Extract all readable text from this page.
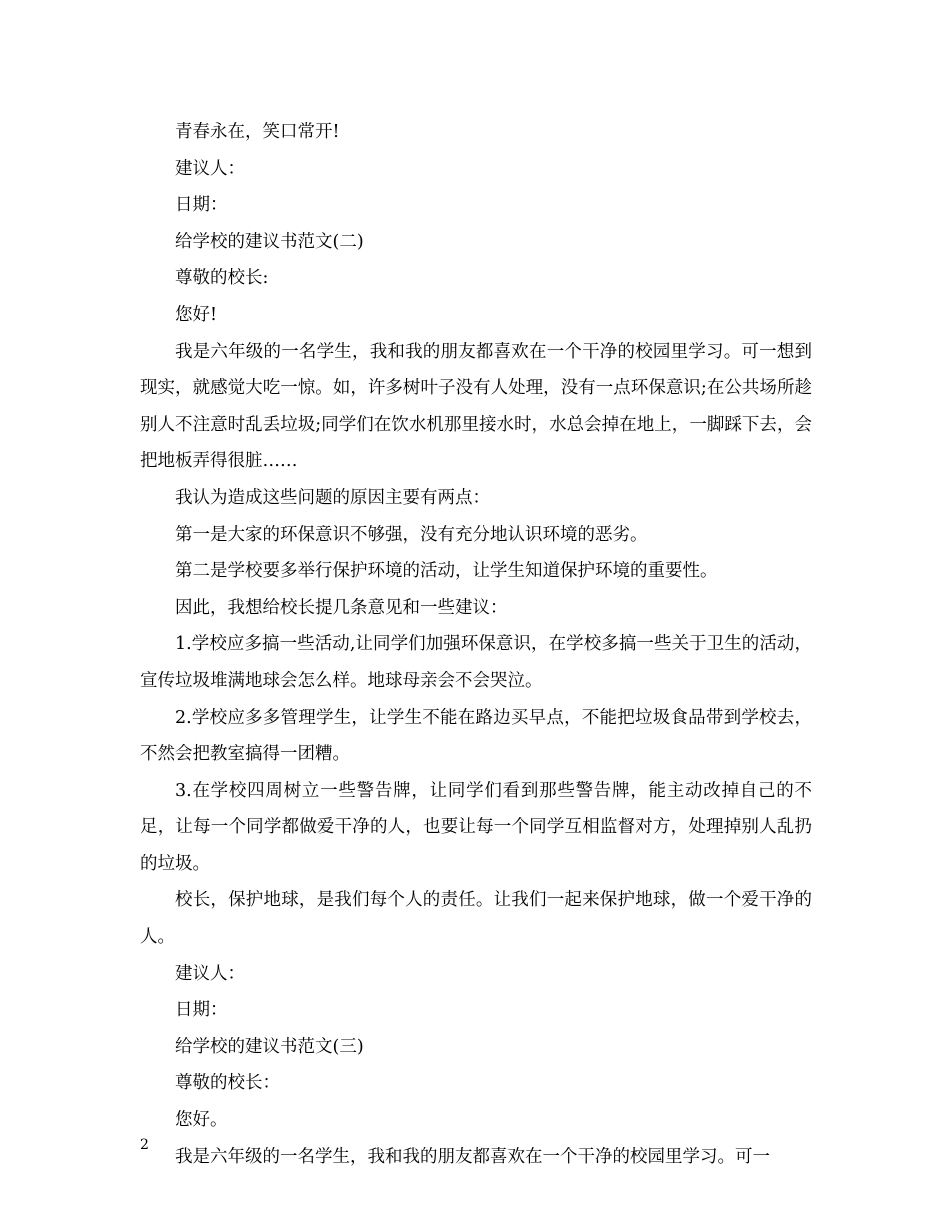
青春永在，笑口常开!

建议人：

日期：

给学校的建议书范文(二)

尊敬的校长:

您好!

我是六年级的一名学生，我和我的朋友都喜欢在一个干净的校园里学习。可一想到现实，就感觉大吃一惊。如，许多树叶子没有人处理，没有一点环保意识;在公共场所趁别人不注意时乱丢垃圾;同学们在饮水机那里接水时，水总会掉在地上，一脚踩下去，会把地板弄得很脏……

我认为造成这些问题的原因主要有两点：

第一是大家的环保意识不够强，没有充分地认识环境的恶劣。

第二是学校要多举行保护环境的活动，让学生知道保护环境的重要性。

因此，我想给校长提几条意见和一些建议：

1.学校应多搞一些活动,让同学们加强环保意识，在学校多搞一些关于卫生的活动，宣传垃圾堆满地球会怎么样。地球母亲会不会哭泣。

2.学校应多多管理学生，让学生不能在路边买早点，不能把垃圾食品带到学校去，不然会把教室搞得一团糟。

3.在学校四周树立一些警告牌，让同学们看到那些警告牌，能主动改掉自己的不足，让每一个同学都做爱干净的人，也要让每一个同学互相监督对方，处理掉别人乱扔的垃圾。

校长，保护地球，是我们每个人的责任。让我们一起来保护地球，做一个爱干净的人。

建议人：

日期：

给学校的建议书范文(三)

尊敬的校长：

您好。

我是六年级的一名学生，我和我的朋友都喜欢在一个干净的校园里学习。可一

2
